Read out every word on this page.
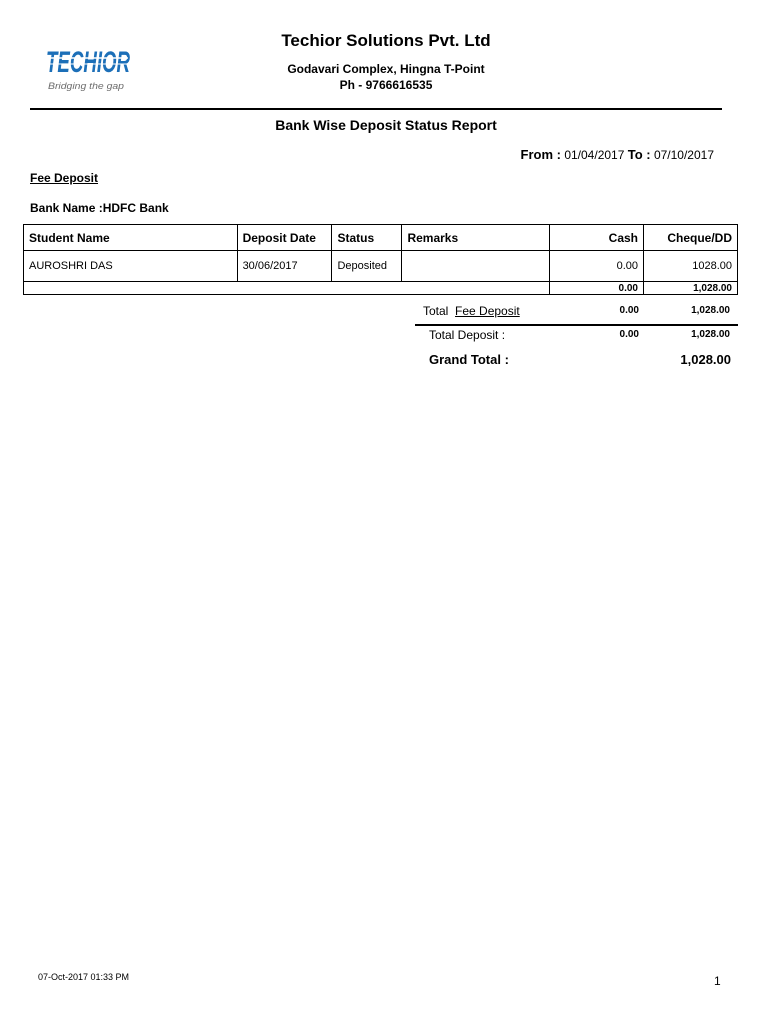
TECHIOR
Bridging the gap
Techior Solutions Pvt. Ltd
Godavari Complex, Hingna T-Point
Ph - 9766616535
Bank Wise Deposit Status Report
From : 01/04/2017 To : 07/10/2017
Fee Deposit
Bank Name :HDFC Bank
Student Name	Deposit Date	Status	Remarks	Cash	Cheque/DD
AUROSHRI DAS	30/06/2017	Deposited		0.00	1028.00
				0.00	1,028.00
Total Fee Deposit	0.00	1,028.00
Total Deposit :	0.00	1,028.00
Grand Total :	1,028.00
07-Oct-2017 01:33 PM	1
